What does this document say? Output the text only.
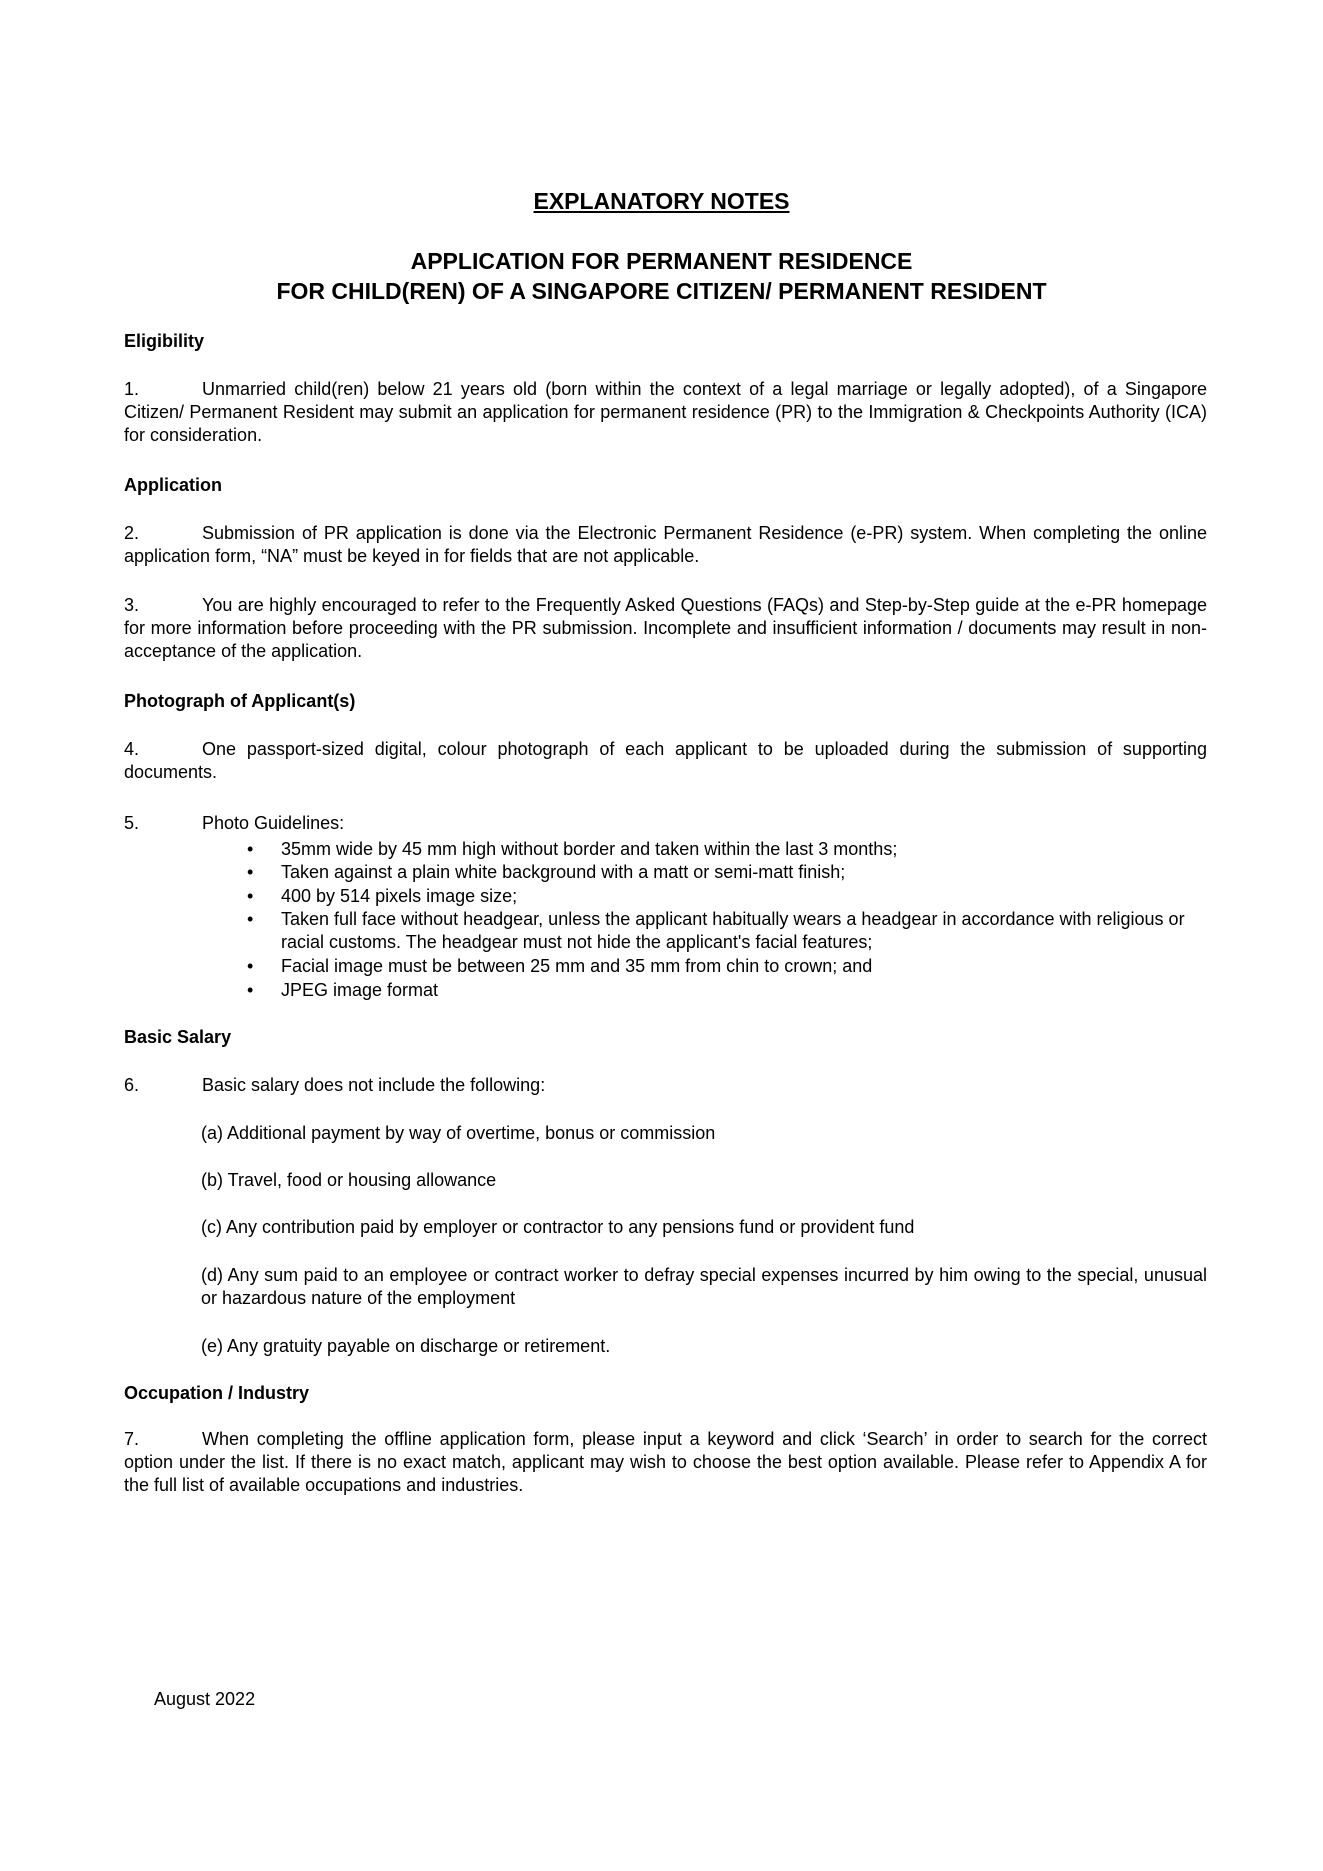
EXPLANATORY NOTES

APPLICATION FOR PERMANENT RESIDENCE

FOR CHILD(REN) OF A SINGAPORE CITIZEN/ PERMANENT RESIDENT

Eligibility

1.	Unmarried child(ren) below 21 years old (born within the context of a legal marriage or legally adopted), of a Singapore Citizen/ Permanent Resident may submit an application for permanent residence (PR) to the Immigration & Checkpoints Authority (ICA) for consideration.

Application

2.	Submission of PR application is done via the Electronic Permanent Residence (e-PR) system. When completing the online application form, “NA” must be keyed in for fields that are not applicable.

3.	You are highly encouraged to refer to the Frequently Asked Questions (FAQs) and Step-by-Step guide at the e-PR homepage for more information before proceeding with the PR submission. Incomplete and insufficient information / documents may result in non-acceptance of the application.

Photograph of Applicant(s)

4.	One passport-sized digital, colour photograph of each applicant to be uploaded during the submission of supporting documents.

5.	Photo Guidelines:

• 35mm wide by 45 mm high without border and taken within the last 3 months;

• Taken against a plain white background with a matt or semi-matt finish;

• 400 by 514 pixels image size;

• Taken full face without headgear, unless the applicant habitually wears a headgear in accordance with religious or racial customs. The headgear must not hide the applicant's facial features;

• Facial image must be between 25 mm and 35 mm from chin to crown; and

• JPEG image format

Basic Salary

6.	Basic salary does not include the following:

(a) Additional payment by way of overtime, bonus or commission

(b) Travel, food or housing allowance

(c) Any contribution paid by employer or contractor to any pensions fund or provident fund

(d) Any sum paid to an employee or contract worker to defray special expenses incurred by him owing to the special, unusual or hazardous nature of the employment

(e) Any gratuity payable on discharge or retirement.

Occupation / Industry

7.	When completing the offline application form, please input a keyword and click ‘Search’ in order to search for the correct option under the list. If there is no exact match, applicant may wish to choose the best option available. Please refer to Appendix A for the full list of available occupations and industries.

August 2022
